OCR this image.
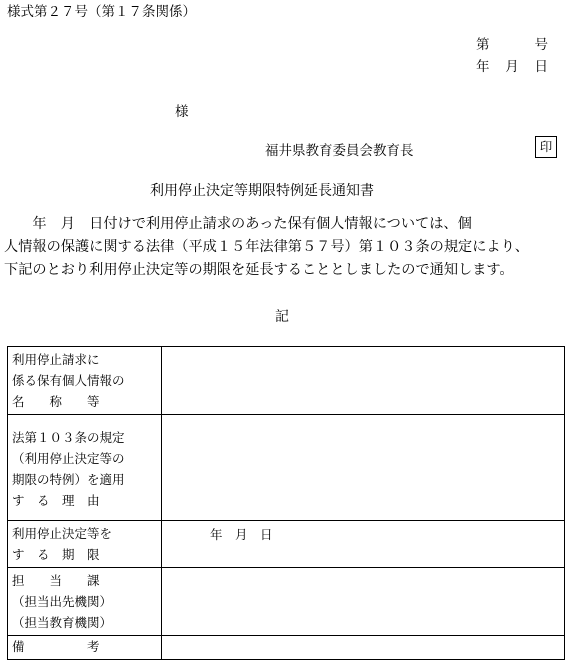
様式第２７号（第１７条関係）
第	号
年 月 日
様
福井県教育委員会教育長	印
利用停止決定等期限特例延長通知書

　　年　月　日付けで利用停止請求のあった保有個人情報については、個

人情報の保護に関する法律（平成１５年法律第５７号）第１０３条の規定により、

下記のとおり利用停止決定等の期限を延長することとしましたので通知します。

記
利用停止請求に
係る保有個人情報の
名　　称　　等	

法第１０３条の規定
（利用停止決定等の
期限の特例）を適用
す　る　理　由	

利用停止決定等を
す　る　期　限	年　月　日

担　　当　　課
（担当出先機関）
（担当教育機関）	

備　　　　　考	
